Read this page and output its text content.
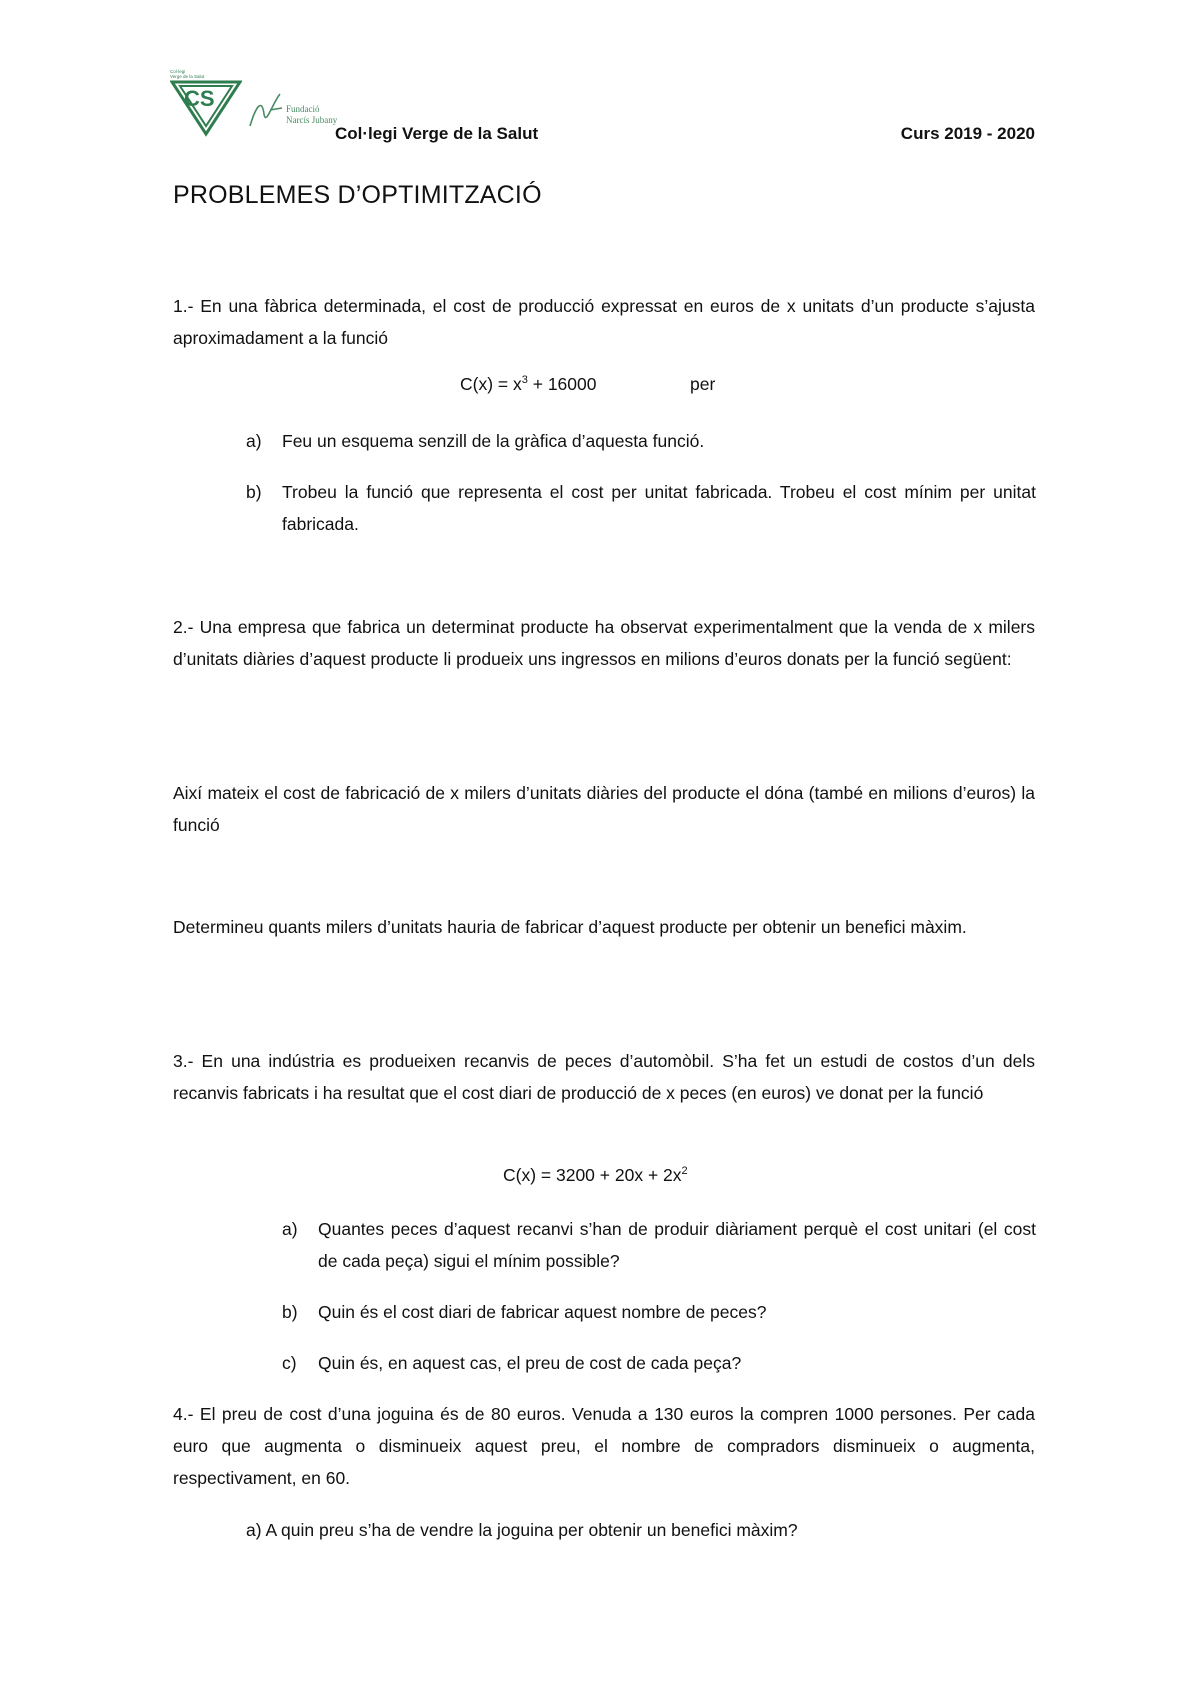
Col·legi
Verge de la Salut
CS	Fundació
Narcís Jubany
Col·legi Verge de la Salut	Curs 2019 - 2020
PROBLEMES D’OPTIMITZACIÓ
1.- En una fàbrica determinada, el cost de producció expressat en euros de x unitats d’un producte s’ajusta aproximadament a la funció
$C(x) = x^3 + 16000$	per
a) Feu un esquema senzill de la gràfica d’aquesta funció.
b) Trobeu la funció que representa el cost per unitat fabricada. Trobeu el cost mínim per unitat fabricada.
2.- Una empresa que fabrica un determinat producte ha observat experimentalment que la venda de x milers d’unitats diàries d’aquest producte li produeix uns ingressos en milions d’euros donats per la funció següent:
Així mateix el cost de fabricació de x milers d’unitats diàries del producte el dóna (també en milions d’euros) la funció
Determineu quants milers d’unitats hauria de fabricar d’aquest producte per obtenir un benefici màxim.
3.- En una indústria es produeixen recanvis de peces d’automòbil. S’ha fet un estudi de costos d’un dels recanvis fabricats i ha resultat que el cost diari de producció de x peces (en euros) ve donat per la funció
$C(x) = 3200 + 20x + 2x^2$
a) Quantes peces d’aquest recanvi s’han de produir diàriament perquè el cost unitari (el cost de cada peça) sigui el mínim possible?
b) Quin és el cost diari de fabricar aquest nombre de peces?
c) Quin és, en aquest cas, el preu de cost de cada peça?
4.- El preu de cost d’una joguina és de 80 euros. Venuda a 130 euros la compren 1000 persones. Per cada euro que augmenta o disminueix aquest preu, el nombre de compradors disminueix o augmenta, respectivament, en 60.
a) A quin preu s’ha de vendre la joguina per obtenir un benefici màxim?
